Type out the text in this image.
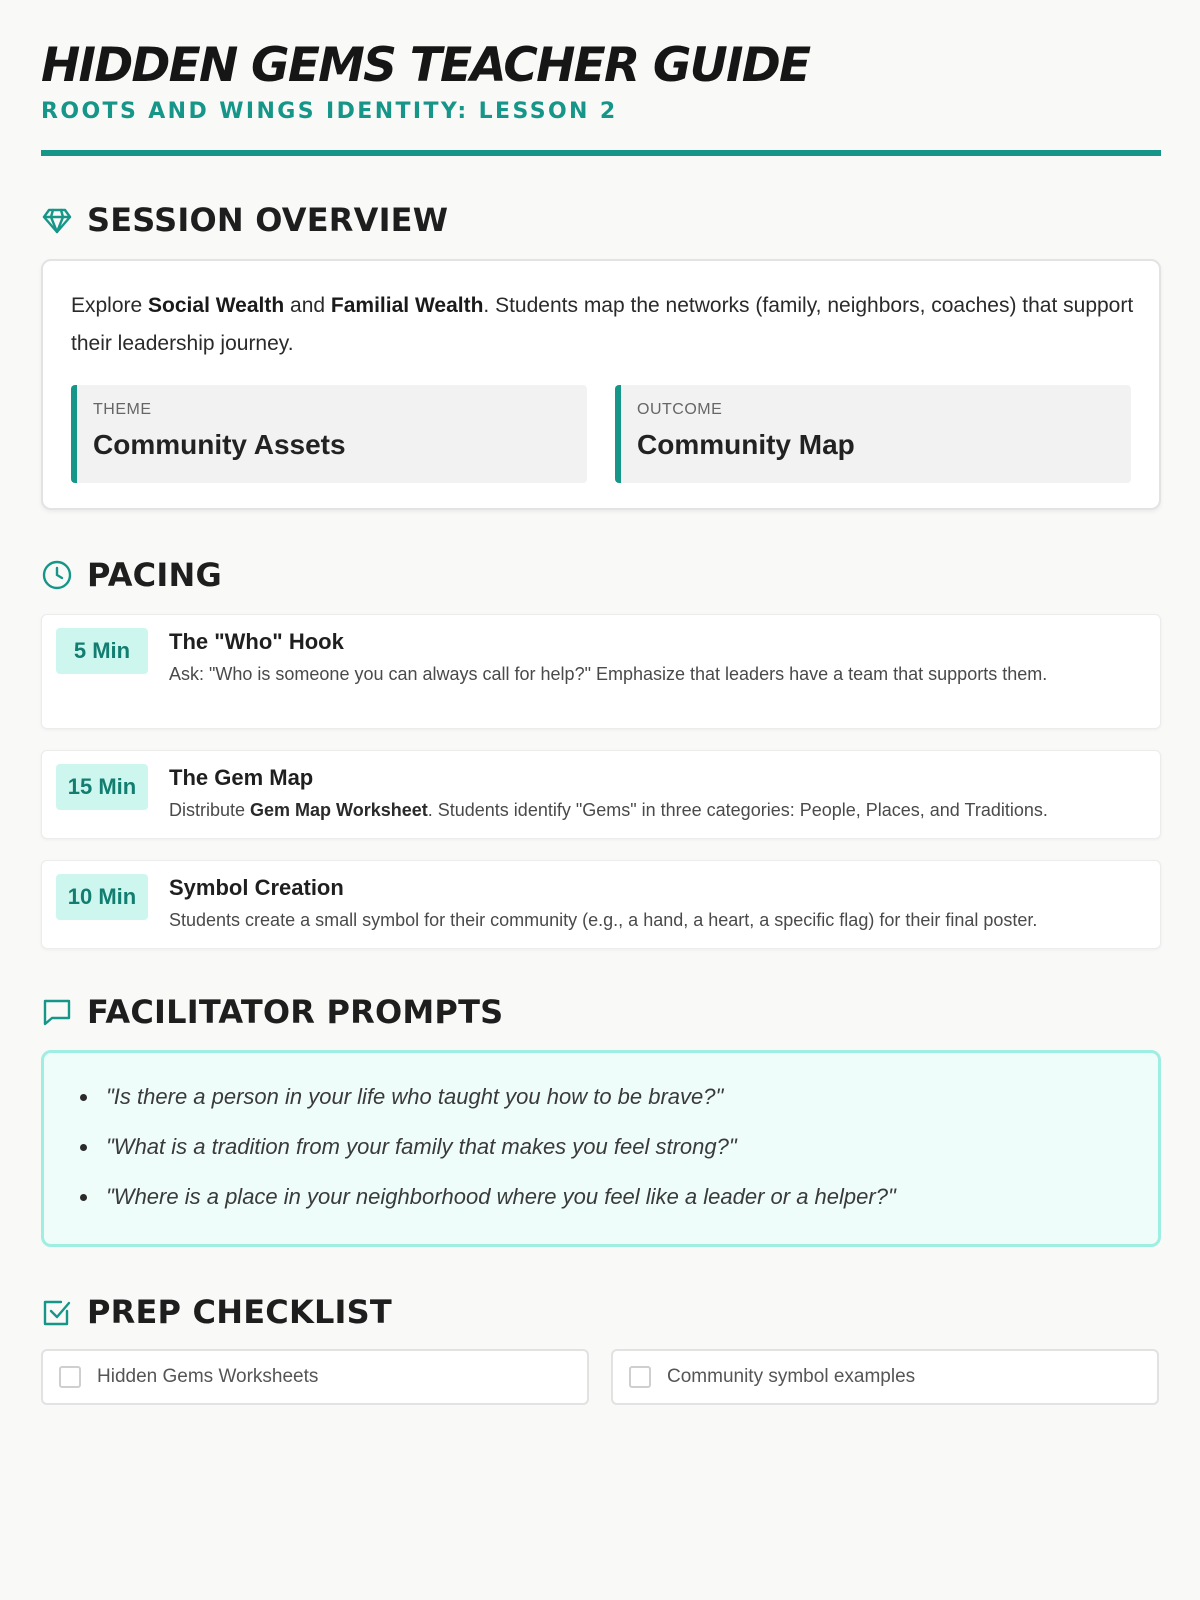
HIDDEN GEMS TEACHER GUIDE
ROOTS AND WINGS IDENTITY: LESSON 2
SESSION OVERVIEW

Explore Social Wealth and Familial Wealth. Students map the networks (family, neighbors, coaches) that support their leadership journey.

THEME
Community Assets
OUTCOME
Community Map
PACING
5 Min	The "Who" Hook
Ask: "Who is someone you can always call for help?" Emphasize that leaders have a team that supports them.
15 Min	The Gem Map
Distribute Gem Map Worksheet. Students identify "Gems" in three categories: People, Places, and Traditions.
10 Min	Symbol Creation
Students create a small symbol for their community (e.g., a hand, a heart, a specific flag) for their final poster.
FACILITATOR PROMPTS
"Is there a person in your life who taught you how to be brave?"
"What is a tradition from your family that makes you feel strong?"
"Where is a place in your neighborhood where you feel like a leader or a helper?"
PREP CHECKLIST
Hidden Gems Worksheets	Community symbol examples
